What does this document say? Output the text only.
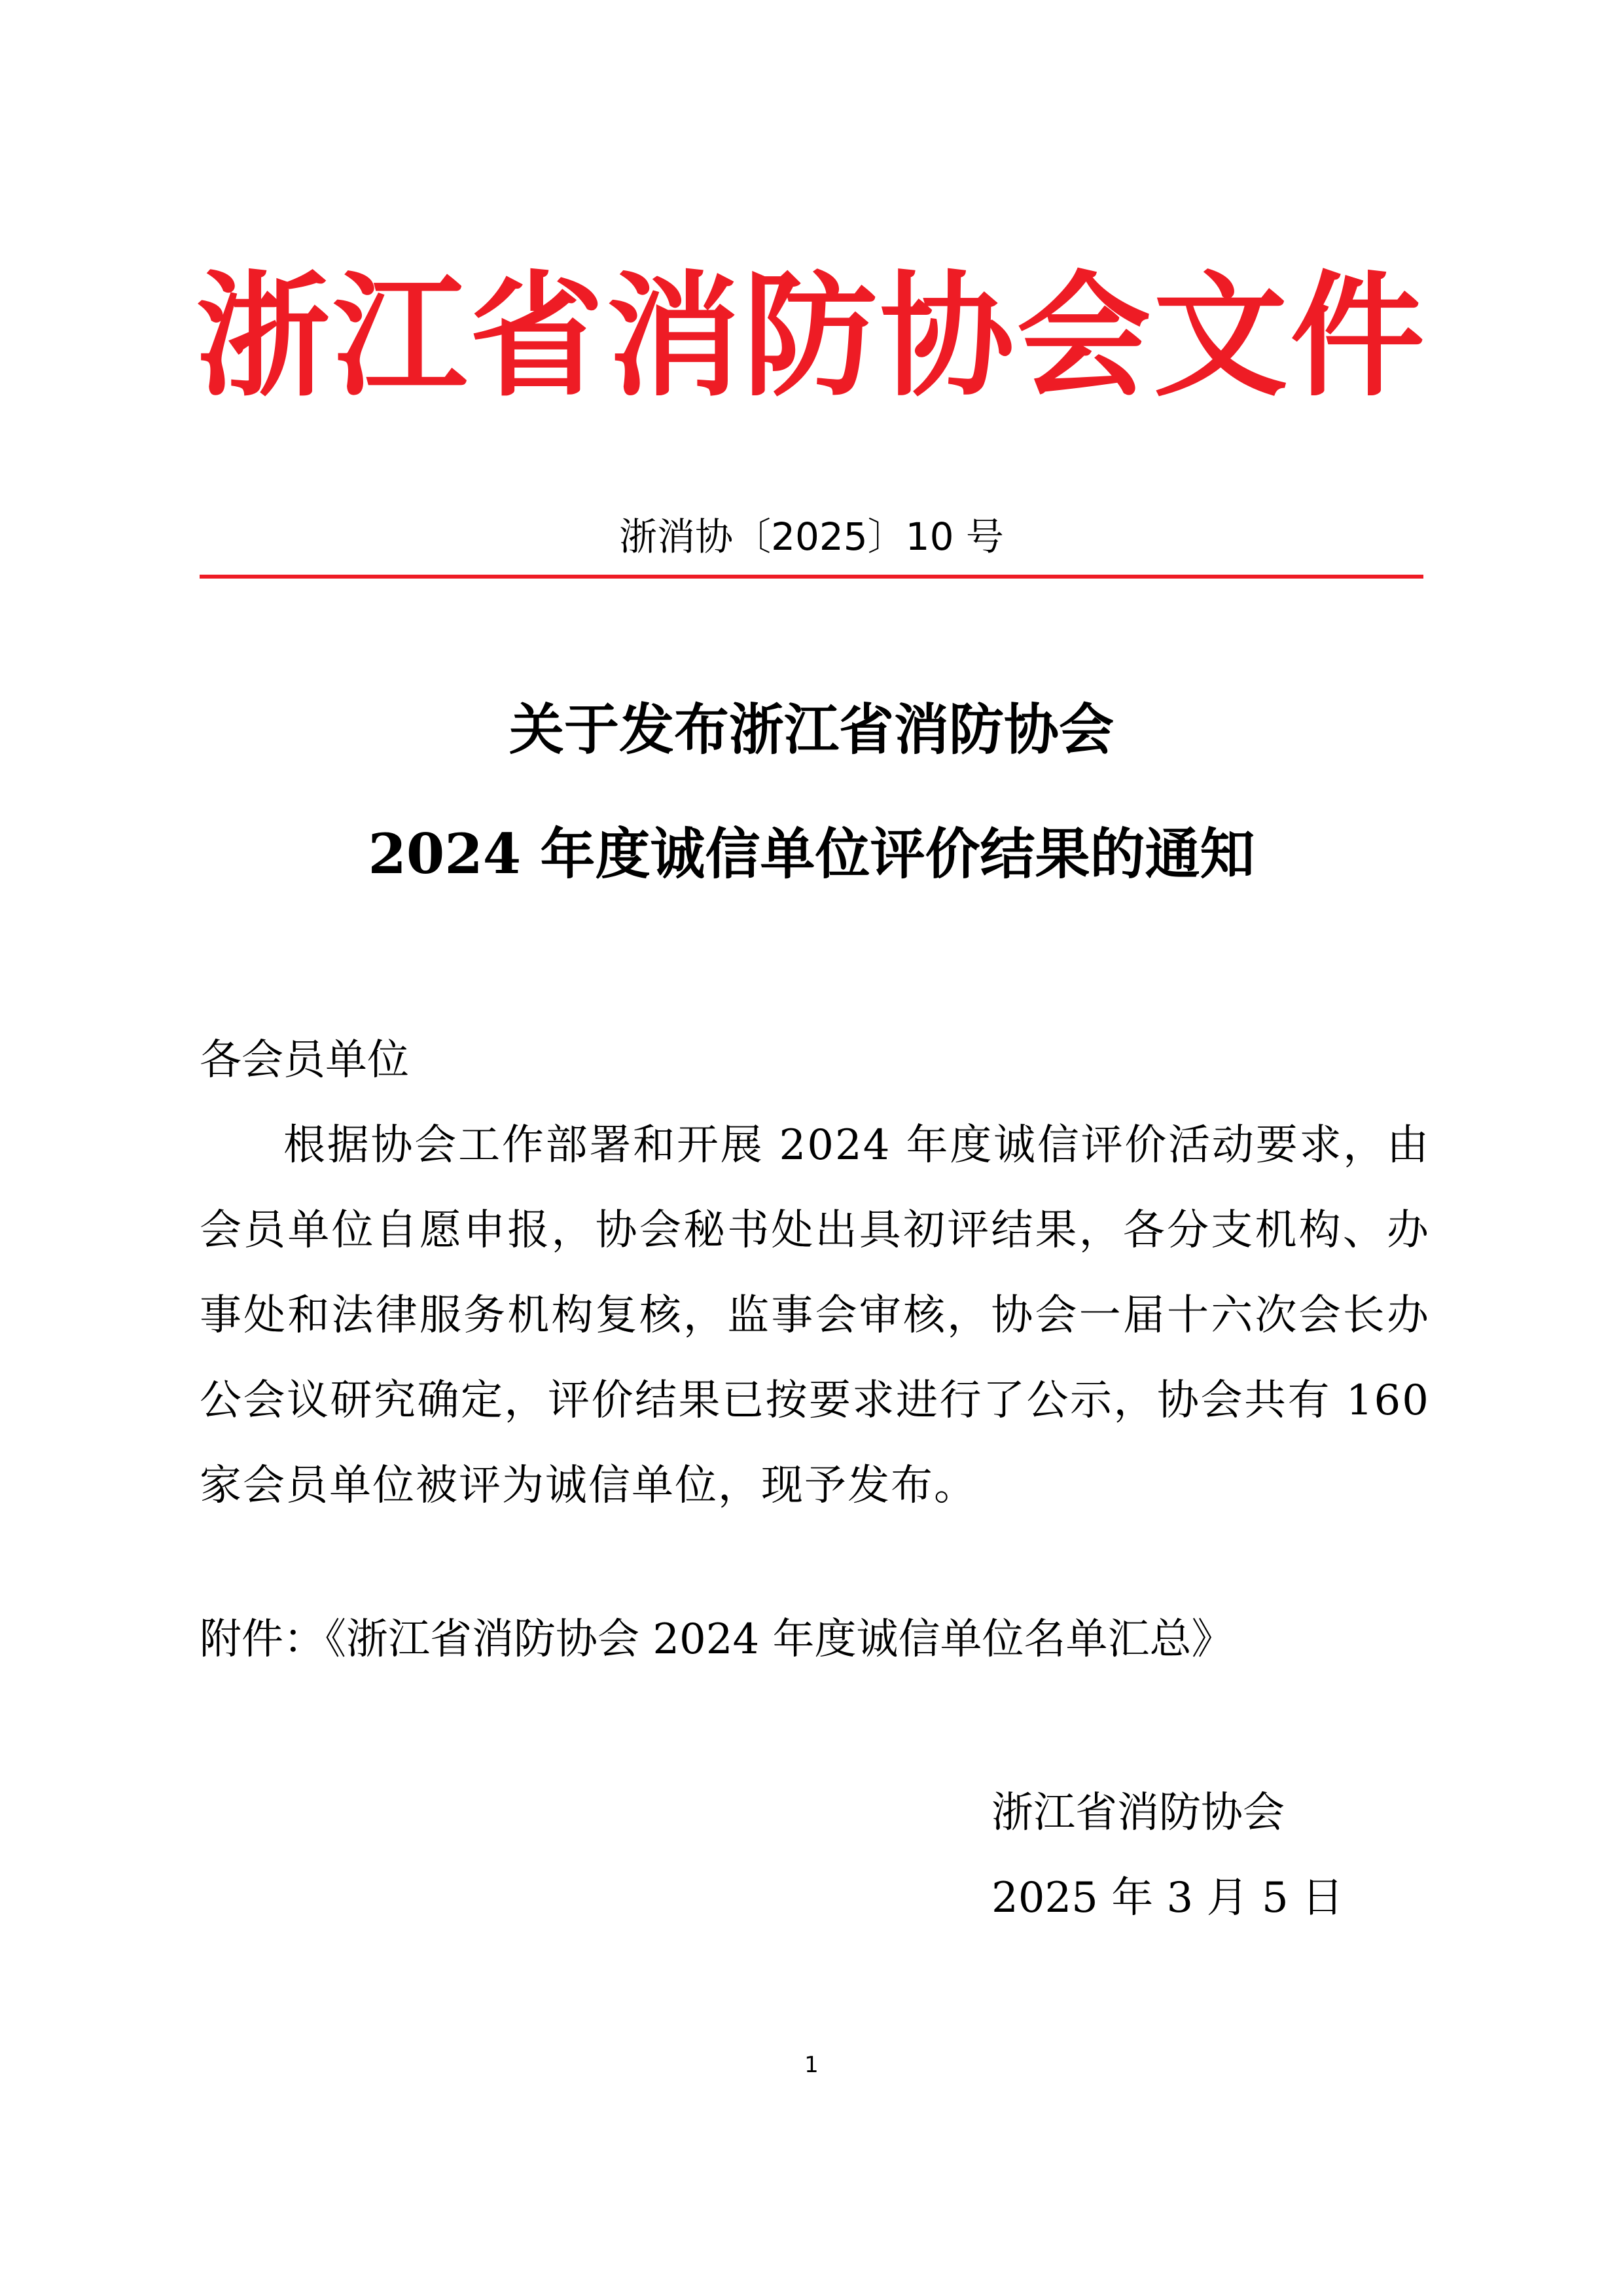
浙江省消防协会文件
浙消协〔2025〕10 号
关于发布浙江省消防协会
2024 年度诚信单位评价结果的通知
各会员单位
根据协会工作部署和开展 2024 年度诚信评价活动要求，由会员单位自愿申报，协会秘书处出具初评结果，各分支机构、办事处和法律服务机构复核，监事会审核，协会一届十六次会长办公会议研究确定，评价结果已按要求进行了公示，协会共有 160 家会员单位被评为诚信单位，现予发布。
附件：《浙江省消防协会 2024 年度诚信单位名单汇总》
浙江省消防协会
2025 年 3 月 5 日
1
